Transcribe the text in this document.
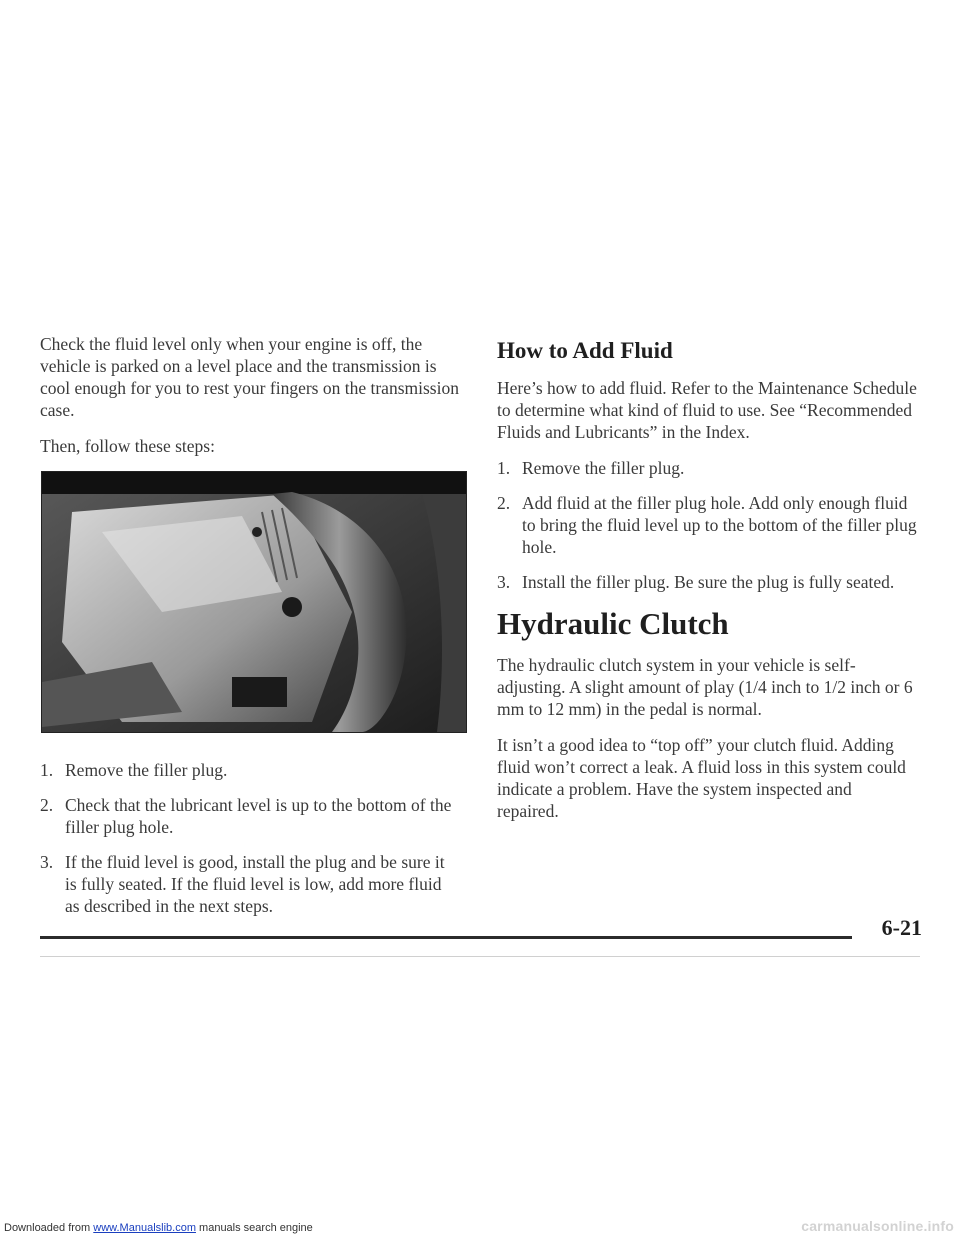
Check the fluid level only when your engine is off, the vehicle is parked on a level place and the transmission is cool enough for you to rest your fingers on the transmission case.

Then, follow these steps:

1. Remove the filler plug.
2. Check that the lubricant level is up to the bottom of the filler plug hole.
3. If the fluid level is good, install the plug and be sure it is fully seated. If the fluid level is low, add more fluid as described in the next steps.
How to Add Fluid

Here’s how to add fluid. Refer to the Maintenance Schedule to determine what kind of fluid to use. See “Recommended Fluids and Lubricants” in the Index.

1. Remove the filler plug.
2. Add fluid at the filler plug hole. Add only enough fluid to bring the fluid level up to the bottom of the filler plug hole.
3. Install the filler plug. Be sure the plug is fully seated.
Hydraulic Clutch

The hydraulic clutch system in your vehicle is self-adjusting. A slight amount of play (1/4 inch to 1/2 inch or 6 mm to 12 mm) in the pedal is normal.

It isn’t a good idea to “top off” your clutch fluid. Adding fluid won’t correct a leak. A fluid loss in this system could indicate a problem. Have the system inspected and repaired.

6-21
Downloaded from www.Manualslib.com manuals search engine	carmanualsonline.info
